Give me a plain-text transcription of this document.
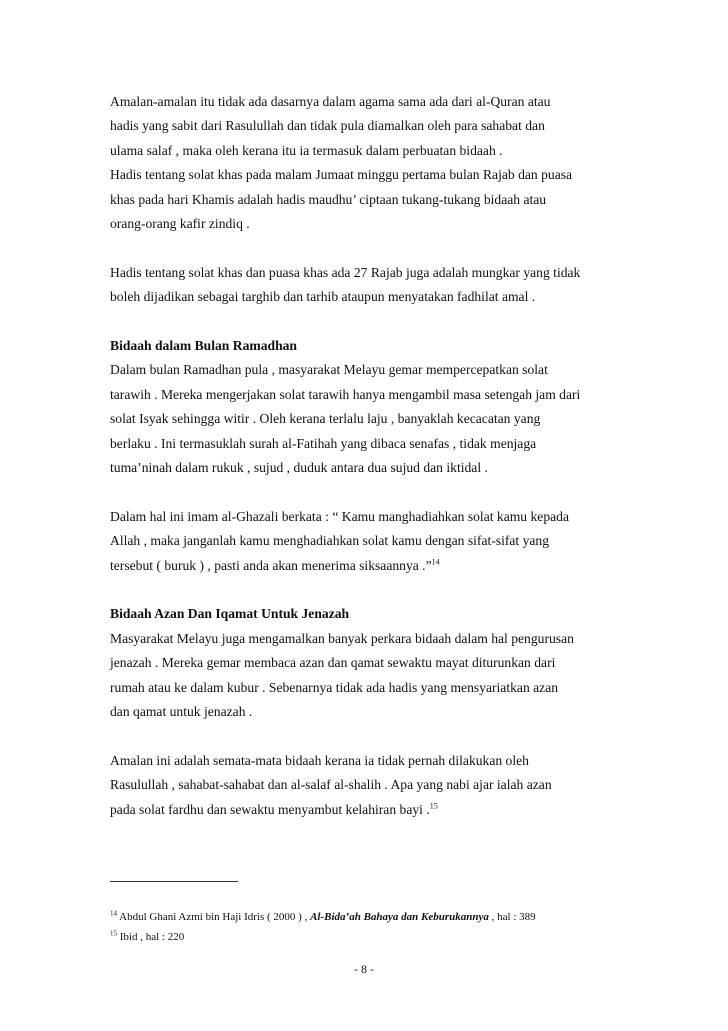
Amalan-amalan itu tidak ada dasarnya dalam agama sama ada dari al-Quran atau
hadis yang sabit dari Rasulullah dan tidak pula diamalkan oleh para sahabat dan
ulama salaf , maka oleh kerana itu ia termasuk dalam perbuatan bidaah .
Hadis tentang solat khas pada malam Jumaat minggu pertama bulan Rajab dan puasa
khas pada hari Khamis adalah hadis maudhu’ ciptaan tukang-tukang bidaah atau
orang-orang kafir zindiq .
Hadis tentang solat khas dan puasa khas ada 27 Rajab juga adalah mungkar yang tidak
boleh dijadikan sebagai targhib dan tarhib ataupun menyatakan fadhilat amal .
Bidaah dalam Bulan Ramadhan
Dalam bulan Ramadhan pula , masyarakat Melayu gemar mempercepatkan solat
tarawih . Mereka mengerjakan solat tarawih hanya mengambil masa setengah jam dari
solat Isyak sehingga witir . Oleh kerana terlalu laju , banyaklah kecacatan yang
berlaku . Ini termasuklah surah al-Fatihah yang dibaca senafas , tidak menjaga
tuma’ninah dalam rukuk , sujud , duduk antara dua sujud dan iktidal .
Dalam hal ini imam al-Ghazali berkata : “ Kamu manghadiahkan solat kamu kepada
Allah , maka janganlah kamu menghadiahkan solat kamu dengan sifat-sifat yang
tersebut ( buruk ) , pasti anda akan menerima siksaannya .”$^{14}$
Bidaah Azan Dan Iqamat Untuk Jenazah
Masyarakat Melayu juga mengamalkan banyak perkara bidaah dalam hal pengurusan
jenazah . Mereka gemar membaca azan dan qamat sewaktu mayat diturunkan dari
rumah atau ke dalam kubur . Sebenarnya tidak ada hadis yang mensyariatkan azan
dan qamat untuk jenazah .
Amalan ini adalah semata-mata bidaah kerana ia tidak pernah dilakukan oleh
Rasulullah , sahabat-sahabat dan al-salaf al-shalih . Apa yang nabi ajar ialah azan
pada solat fardhu dan sewaktu menyambut kelahiran bayi .$^{15}$
$^{14}$ Abdul Ghani Azmi bin Haji Idris ( 2000 ) , Al-Bida’ah Bahaya dan Keburukannya , hal : 389
$^{15}$ Ibid , hal : 220
- 8 -
